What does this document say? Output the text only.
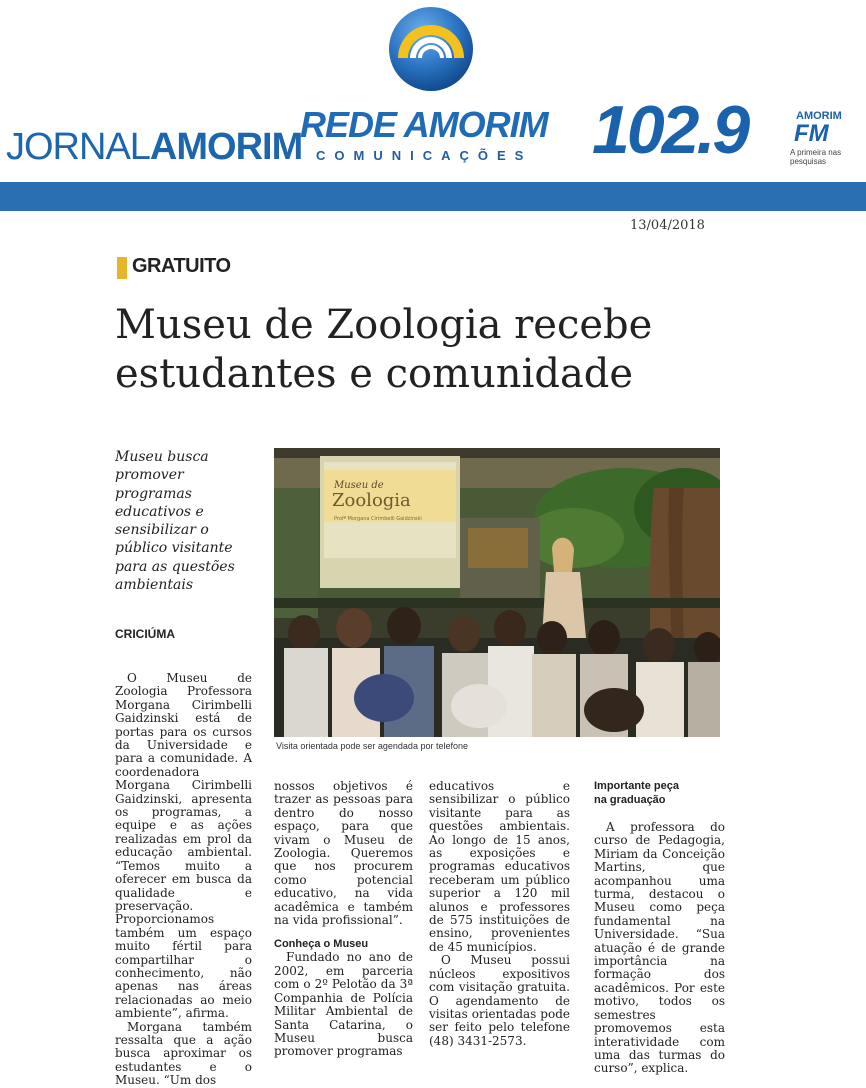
JORNALAMORIM
REDE AMORIM
COMUNICAÇÕES 102.9	AMORIM
FM
A primeira nas pesquisas
13/04/2018
GRATUITO
Museu de Zoologia recebe estudantes e comunidade
Museu busca promover programas educativos e sensibilizar o público visitante para as questões ambientais
CRICIÚMA
Museu de
Zoologia
Profª Morgana Cirimbelli Gaidzinski
Visita orientada pode ser agendada por telefone

O Museu de Zoologia Professora Morgana Cirimbelli Gaidzinski está de portas para os cursos da Universidade e para a comunidade. A coordenadora Morgana Cirimbelli Gaidzinski, apresenta os programas, a equipe e as ações realizadas em prol da educação ambiental. “Temos muito a oferecer em busca da qualidade e preservação. Proporcionamos também um espaço muito fértil para compartilhar o conhecimento, não apenas nas áreas relacionadas ao meio ambiente”, afirma.

Morgana também ressalta que a ação busca aproximar os estudantes e o Museu. “Um dos

nossos objetivos é trazer as pessoas para dentro do nosso espaço, para que vivam o Museu de Zoologia. Queremos que nos procurem como potencial educativo, na vida acadêmica e também na vida profissional”.

Conheça o Museu

Fundado no ano de 2002, em parceria com o 2º Pelotão da 3ª Companhia de Polícia Militar Ambiental de Santa Catarina, o Museu busca promover programas

educativos e sensibilizar o público visitante para as questões ambientais. Ao longo de 15 anos, as exposições e programas educativos receberam um público superior a 120 mil alunos e professores de 575 instituições de ensino, provenientes de 45 municípios.

O Museu possui núcleos expositivos com visitação gratuita. O agendamento de visitas orientadas pode ser feito pelo telefone (48) 3431-2573.

Importante peça
na graduação

A professora do curso de Pedagogia, Miriam da Conceição Martins, que acompanhou uma turma, destacou o Museu como peça fundamental na Universidade. “Sua atuação é de grande importância na formação dos acadêmicos. Por este motivo, todos os semestres promovemos esta interatividade com uma das turmas do curso”, explica.
